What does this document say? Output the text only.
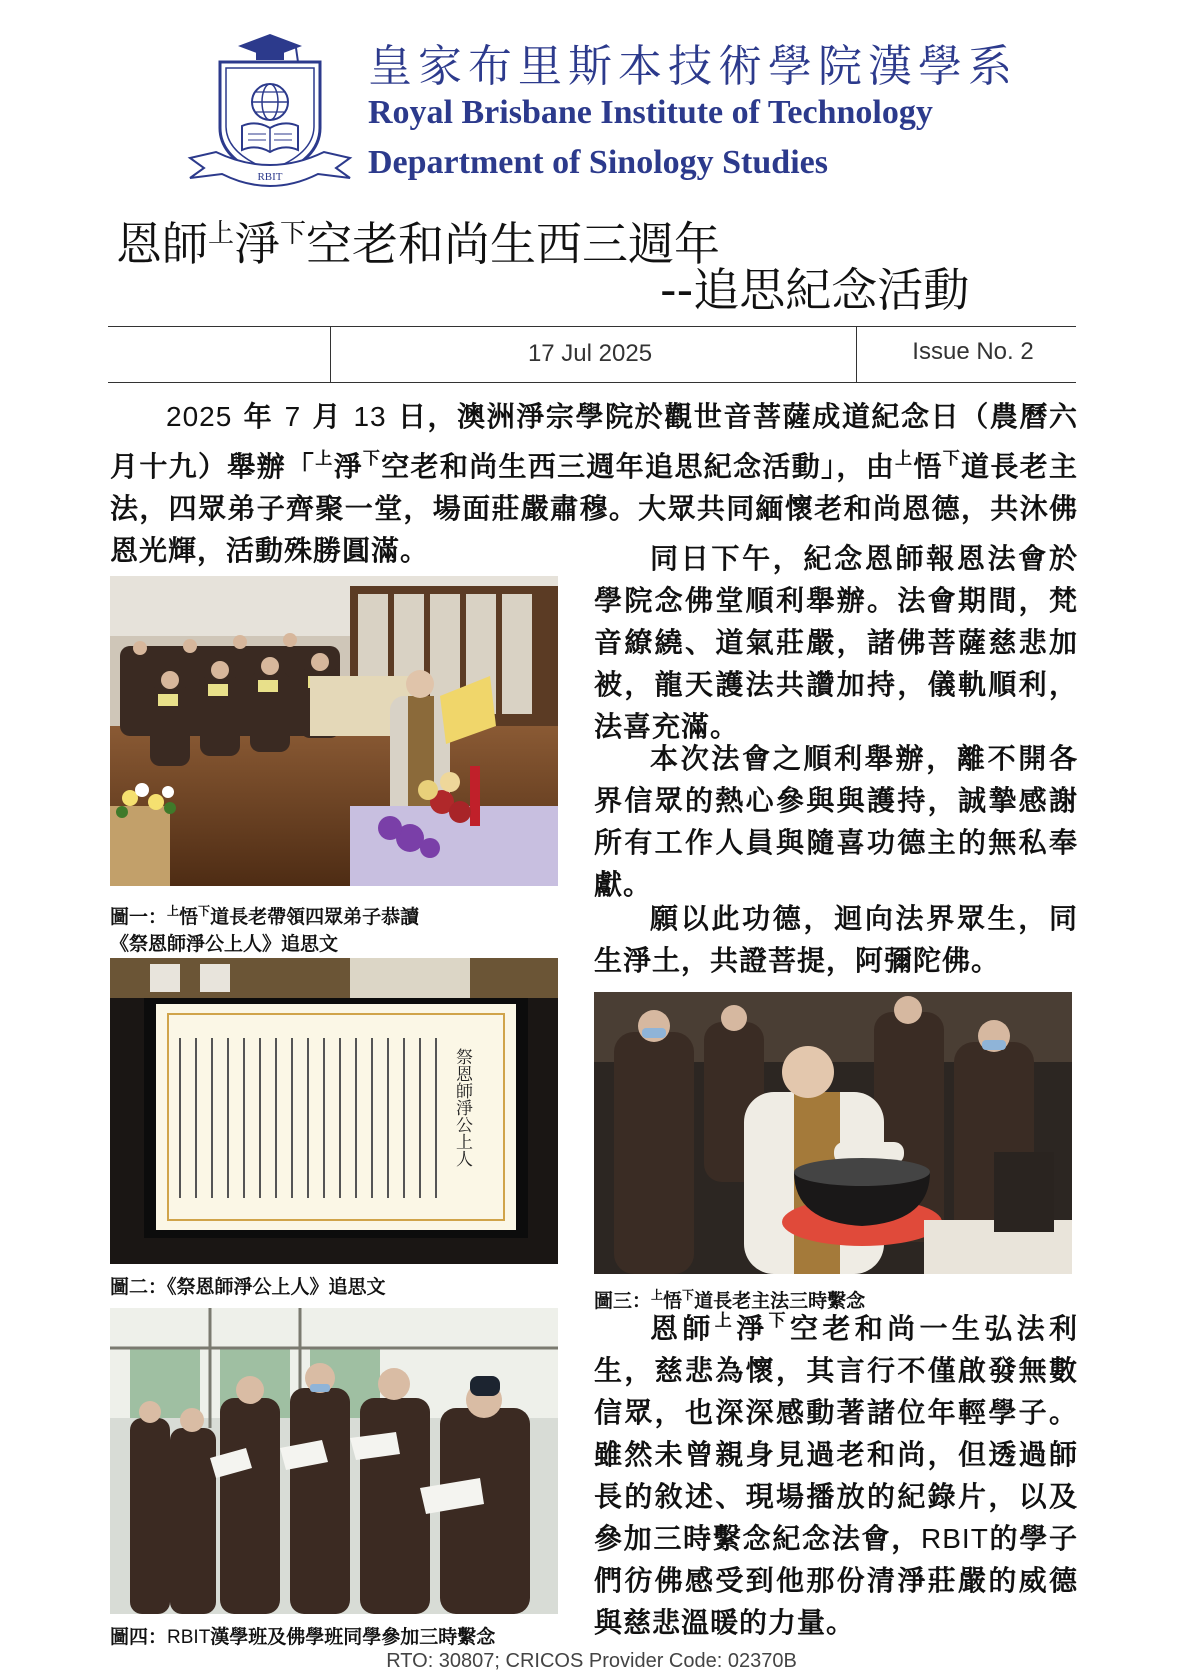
RBIT
皇家布里斯本技術學院漢學系
Royal Brisbane Institute of Technology
Department of Sinology Studies
恩師$^上$淨$^下$空老和尚生西三週年
--追思紀念活動
17 Jul 2025	Issue No. 2
2025 年 7 月 13 日，澳洲淨宗學院於觀世音菩薩成道紀念日（農曆六月十九）舉辦「$^上$淨$^下$空老和尚生西三週年追思紀念活動」，由$^上$悟$^下$道長老主法，四眾弟子齊聚一堂，場面莊嚴肅穆。大眾共同緬懷老和尚恩德，共沐佛恩光輝，活動殊勝圓滿。	同日下午，紀念恩師報恩法會於學院念佛堂順利舉辦。法會期間，梵音繚繞、道氣莊嚴，諸佛菩薩慈悲加被，龍天護法共讚加持，儀軌順利，法喜充滿。
本次法會之順利舉辦，離不開各界信眾的熱心參與與護持，誠摯感謝所有工作人員與隨喜功德主的無私奉獻。
願以此功德，迴向法界眾生，同生淨土，共證菩提，阿彌陀佛。
恩師$^上$淨$^下$空老和尚一生弘法利生，慈悲為懷，其言行不僅啟發無數信眾，也深深感動著諸位年輕學子。雖然未曾親身見過老和尚，但透過師長的敘述、現場播放的紀錄片，以及參加三時繫念紀念法會，RBIT的學子們彷佛感受到他那份清淨莊嚴的威德與慈悲溫暖的力量。
祭恩師淨公上人
圖一：$^上$悟$^下$道長老帶領四眾弟子恭讀
《祭恩師淨公上人》追思文
圖二：《祭恩師淨公上人》追思文
圖三：$^上$悟$^下$道長老主法三時繫念
圖四：RBIT漢學班及佛學班同學參加三時繫念
RTO: 30807; CRICOS Provider Code: 02370B
